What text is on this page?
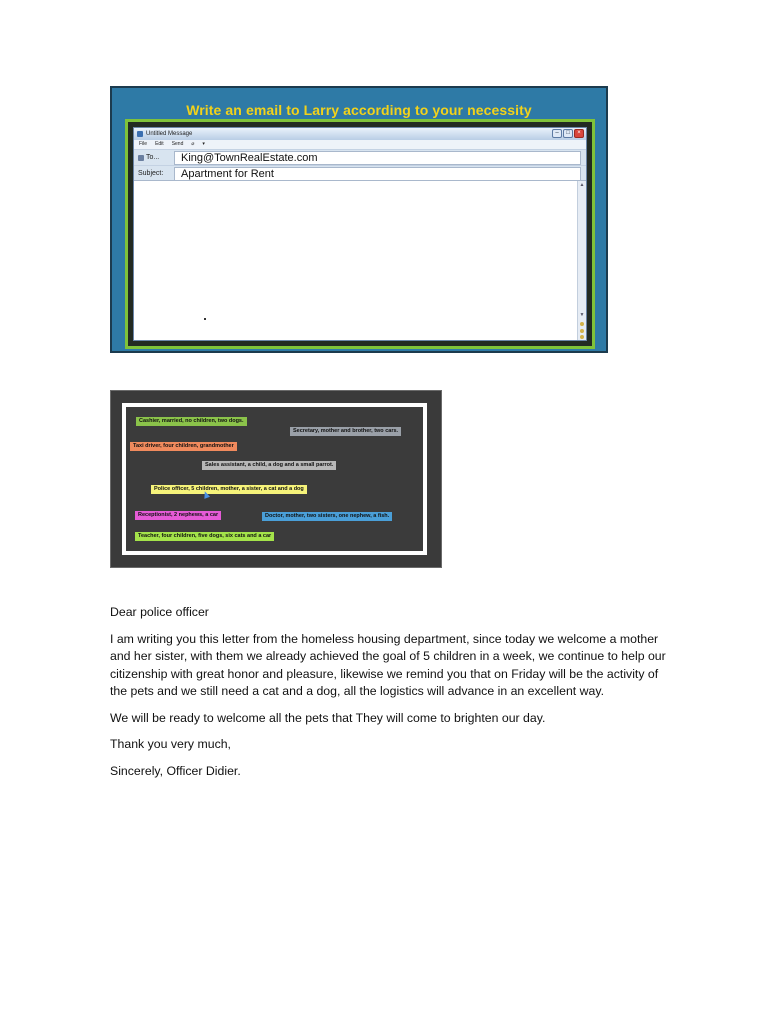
Write an email to Larry according to your necessity
Untitled Message	–	□	×
File Edit Send ⌀ ▾
To...	King@TownRealEstate.com
Subject:	Apartment for Rent
▲
▼
Cashier, married, no children, two dogs.
Secretary, mother and brother, two cars.
Taxi driver, four children, grandmother
Sales assistant, a child, a dog and a small parrot.
Police officer, 5 children, mother, a sister, a cat and a dog
Receptionist, 2 nephews, a car	Doctor, mother, two sisters, one nephew, a fish.
Teacher, four children, five dogs, six cats and a car

Dear police officer

I am writing you this letter from the homeless housing department, since today we welcome a mother and her sister, with them we already achieved the goal of 5 children in a week, we continue to help our citizenship with great honor and pleasure, likewise we remind you that on Friday will be the activity of the pets and we still need a cat and a dog, all the logistics will advance in an excellent way.

We will be ready to welcome all the pets that They will come to brighten our day.

Thank you very much,

Sincerely, Officer Didier.
